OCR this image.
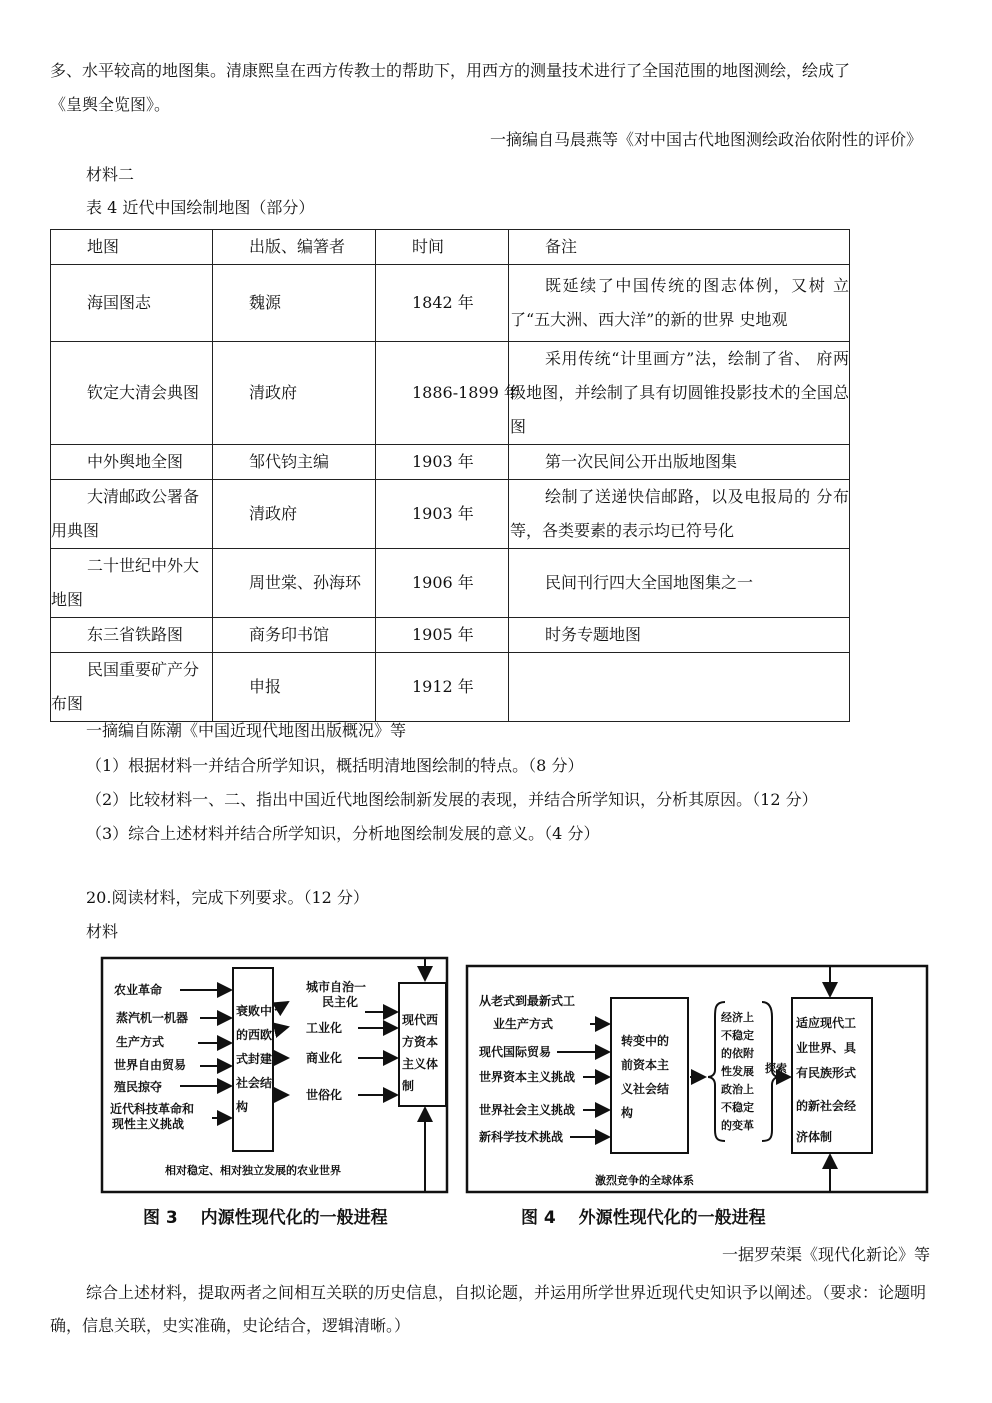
多、水平较高的地图集。清康熙皇在西方传教士的帮助下，用西方的测量技术进行了全国范围的地图测绘，绘成了
《皇舆全览图》。
一摘编自马晨燕等《对中国古代地图测绘政治依附性的评价》
材料二
表 4 近代中国绘制地图（部分）
地图	出版、编箸者	时间	备注
海国图志	魏源	1842 年	既延续了中国传统的图志体例，又树 立了“五大洲、西大洋”的新的世界 史地观
钦定大清会典图	清政府	1886-1899 年	采用传统“计里画方”法，绘制了省、 府两级地图，并绘制了具有切圆锥投影技术的全国总图
中外舆地全图	邹代钧主编	1903 年	第一次民间公开出版地图集
大清邮政公署备用典图	清政府	1903 年	绘制了送递快信邮路，以及电报局的 分布等，各类要素的表示均已符号化
二十世纪中外大地图	周世棠、孙海环	1906 年	民间刊行四大全国地图集之一
东三省铁路图	商务印书馆	1905 年	时务专题地图
民国重要矿产分布图	申报	1912 年	
一摘编自陈潮《中国近现代地图出版概况》等
（1）根据材料一并结合所学知识，概括明清地图绘制的特点。（8 分）
（2）比较材料一、二、指出中国近代地图绘制新发展的表现，并结合所学知识，分析其原因。（12 分）
（3）综合上述材料并结合所学知识，分析地图绘制发展的意义。（4 分）
20.阅读材料，完成下列要求。（12 分）
材料
农业革命
蒸汽机一机器
生产方式
世界自由贸易
殖民掠夺
近代科技革命和
现性主义挑战
衰败中
的西欧
式封建
社会结
构
城市自治一
民主化
工业化
商业化
世俗化
现代西
方资本
主义体
制
相对稳定、相对独立发展的农业世界
图 3　 内源性现代化的一般进程
从老式到最新式工
业生产方式
现代国际贸易
世界资本主义挑战
世界社会主义挑战
新科学技术挑战
转变中的
前资本主
义社会结
构
经济上
不稳定
的依附
性发展
政治上
不稳定
的变革
探索
适应现代工
业世界、具
有民族形式
的新社会经
济体制
激烈竞争的全球体系
图 4　 外源性现代化的一般进程
一据罗荣渠《现代化新论》等
综合上述材料，提取两者之间相互关联的历史信息，自拟论题，并运用所学世界近现代史知识予以阐述。（要求：论题明确，信息关联，史实准确，史论结合，逻辑清晰。）
